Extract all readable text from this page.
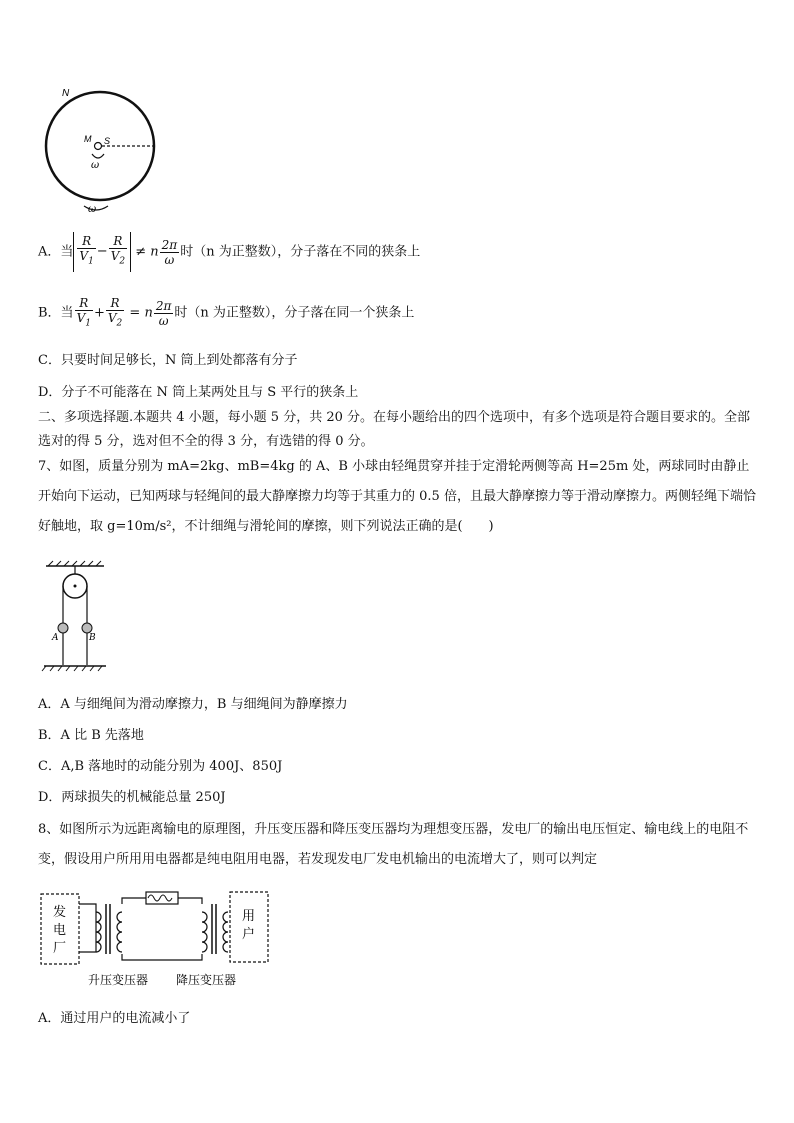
N
M S
ω
ω
A．当 $\frac{R}{V_1} - \frac{R}{V_2} \ne n \frac{2\pi}{\omega}$ 时（n 为正整数），分子落在不同的狭条上
B．当 $\frac{R}{V_1} + \frac{R}{V_2} = n \frac{2\pi}{\omega}$ 时（n 为正整数），分子落在同一个狭条上
C．只要时间足够长，N 筒上到处都落有分子
D．分子不可能落在 N 筒上某两处且与 S 平行的狭条上
二、多项选择题.本题共 4 小题，每小题 5 分，共 20 分。在每小题给出的四个选项中，有多个选项是符合题目要求的。全部选对的得 5 分，选对但不全的得 3 分，有选错的得 0 分。
7、如图，质量分别为 mA=2kg、mB=4kg 的 A、B 小球由轻绳贯穿并挂于定滑轮两侧等高 H=25m 处，两球同时由静止开始向下运动，已知两球与轻绳间的最大静摩擦力均等于其重力的 0.5 倍，且最大静摩擦力等于滑动摩擦力。两侧轻绳下端恰好触地，取 g=10m/s²，不计细绳与滑轮间的摩擦，则下列说法正确的是(　　)
A	B
A．A 与细绳间为滑动摩擦力，B 与细绳间为静摩擦力
B．A 比 B 先落地
C．A,B 落地时的动能分别为 400J、850J
D．两球损失的机械能总量 250J
8、如图所示为远距离输电的原理图，升压变压器和降压变压器均为理想变压器，发电厂的输出电压恒定、输电线上的电阻不变，假设用户所用用电器都是纯电阻用电器，若发现发电厂发电机输出的电流增大了，则可以判定
发 电 厂
用 户
升压变压器 降压变压器
A．通过用户的电流减小了
